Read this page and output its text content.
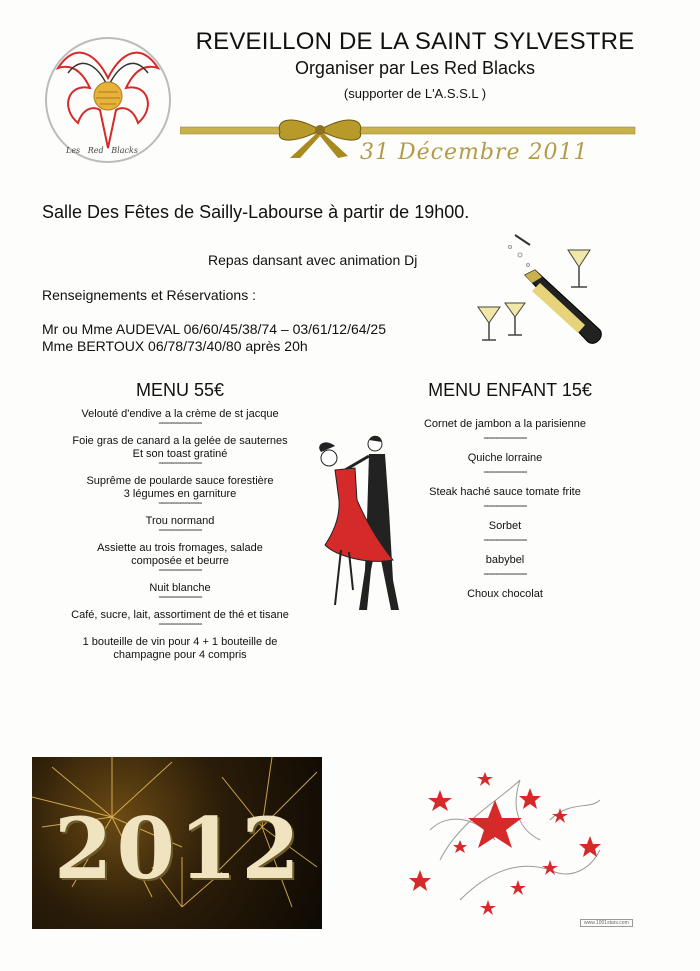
Les   Red   Blacks
REVEILLON DE LA SAINT SYLVESTRE
Organiser par Les Red Blacks
(supporter de L'A.S.S.L )
31 Décembre 2011
Salle Des Fêtes de Sailly-Labourse à partir de 19h00.
Repas dansant avec animation Dj
Renseignements et Réservations :
Mr ou Mme AUDEVAL 06/60/45/38/74 – 03/61/12/64/25
Mme BERTOUX 06/78/73/40/80 après 20h
MENU 55€	MENU ENFANT 15€
Velouté d'endive a la crème de st jacque
°°°°°°°°°°°°°°°°°°°°°°°°
Foie gras de canard a la gelée de sauternes
Et son toast gratiné
°°°°°°°°°°°°°°°°°°°°°°°°
Suprême de poularde sauce forestière
3 légumes en garniture
°°°°°°°°°°°°°°°°°°°°°°°°
Trou normand
°°°°°°°°°°°°°°°°°°°°°°°°
Assiette au trois fromages, salade
composée et beurre
°°°°°°°°°°°°°°°°°°°°°°°°
Nuit blanche
°°°°°°°°°°°°°°°°°°°°°°°°
Café, sucre, lait, assortiment de thé et tisane
°°°°°°°°°°°°°°°°°°°°°°°°
1 bouteille de vin pour 4 + 1 bouteille de
champagne pour 4 compris
Cornet de jambon a la parisienne
°°°°°°°°°°°°°°°°°°°°°°°°
Quiche lorraine
°°°°°°°°°°°°°°°°°°°°°°°°
Steak haché sauce tomate frite
°°°°°°°°°°°°°°°°°°°°°°°°
Sorbet
°°°°°°°°°°°°°°°°°°°°°°°°
babybel
°°°°°°°°°°°°°°°°°°°°°°°°
Choux chocolat
2012
www.1001stars.com
